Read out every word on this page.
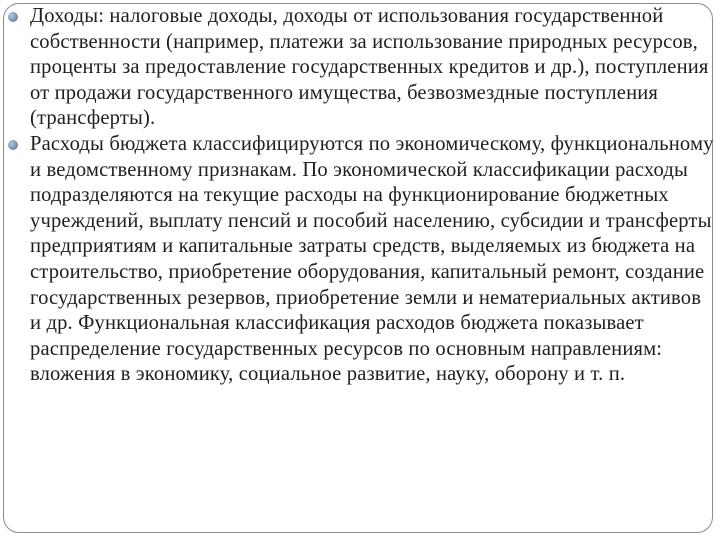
Доходы: налоговые доходы, доходы от использования государственной собственности (например, платежи за использование природных ресурсов, проценты за предоставление государственных кредитов и др.), поступления от продажи государственного имущества, безвозмездные поступления (трансферты).
Расходы бюджета классифицируются по экономическому, функциональному и ведомственному признакам. По экономической классификации расходы подразделяются на текущие расходы на функционирование бюджетных учреждений, выплату пенсий и пособий населению, субсидии и трансферты предприятиям и капитальные затраты средств, выделяемых из бюджета на строительство, приобретение оборудования, капитальный ремонт, создание государственных резервов, приобретение земли и нематериальных активов и др. Функциональная классификация расходов бюджета показывает распределение государственных ресурсов по основным направлениям: вложения в экономику, социальное развитие, науку, оборону и т. п.
